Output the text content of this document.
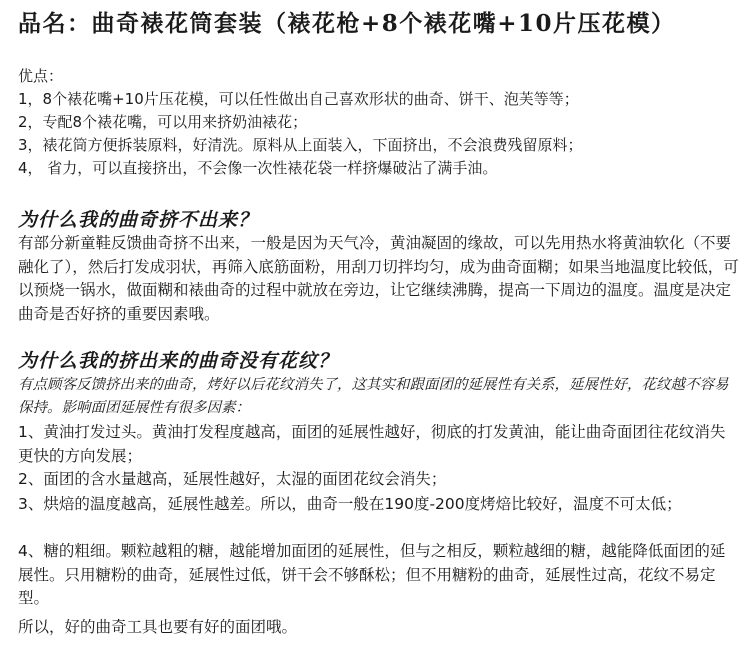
品名：曲奇裱花筒套装（裱花枪+8个裱花嘴+10片压花模）
优点：
1，8个裱花嘴+10片压花模，可以任性做出自己喜欢形状的曲奇、饼干、泡芙等等；
2，专配8个裱花嘴，可以用来挤奶油裱花；
3，裱花筒方便拆装原料，好清洗。原料从上面装入，下面挤出，不会浪费残留原料；
4， 省力，可以直接挤出，不会像一次性裱花袋一样挤爆破沾了满手油。
为什么我的曲奇挤不出来？
有部分新童鞋反馈曲奇挤不出来，一般是因为天气冷，黄油凝固的缘故，可以先用热水将黄油软化（不要融化了），然后打发成羽状，再筛入底筋面粉，用刮刀切拌均匀，成为曲奇面糊；如果当地温度比较低，可以预烧一锅水，做面糊和裱曲奇的过程中就放在旁边，让它继续沸腾，提高一下周边的温度。温度是决定曲奇是否好挤的重要因素哦。
为什么我的挤出来的曲奇没有花纹？
有点顾客反馈挤出来的曲奇，烤好以后花纹消失了，这其实和跟面团的延展性有关系，延展性好，花纹越不容易保持。影响面团延展性有很多因素：
1、黄油打发过头。黄油打发程度越高，面团的延展性越好，彻底的打发黄油，能让曲奇面团往花纹消失更快的方向发展；
2、面团的含水量越高，延展性越好，太湿的面团花纹会消失；
3、烘焙的温度越高，延展性越差。所以，曲奇一般在190度-200度烤焙比较好，温度不可太低；
4、糖的粗细。颗粒越粗的糖，越能增加面团的延展性，但与之相反，颗粒越细的糖，越能降低面团的延展性。只用糖粉的曲奇，延展性过低，饼干会不够酥松；但不用糖粉的曲奇，延展性过高，花纹不易定型。
所以，好的曲奇工具也要有好的面团哦。
